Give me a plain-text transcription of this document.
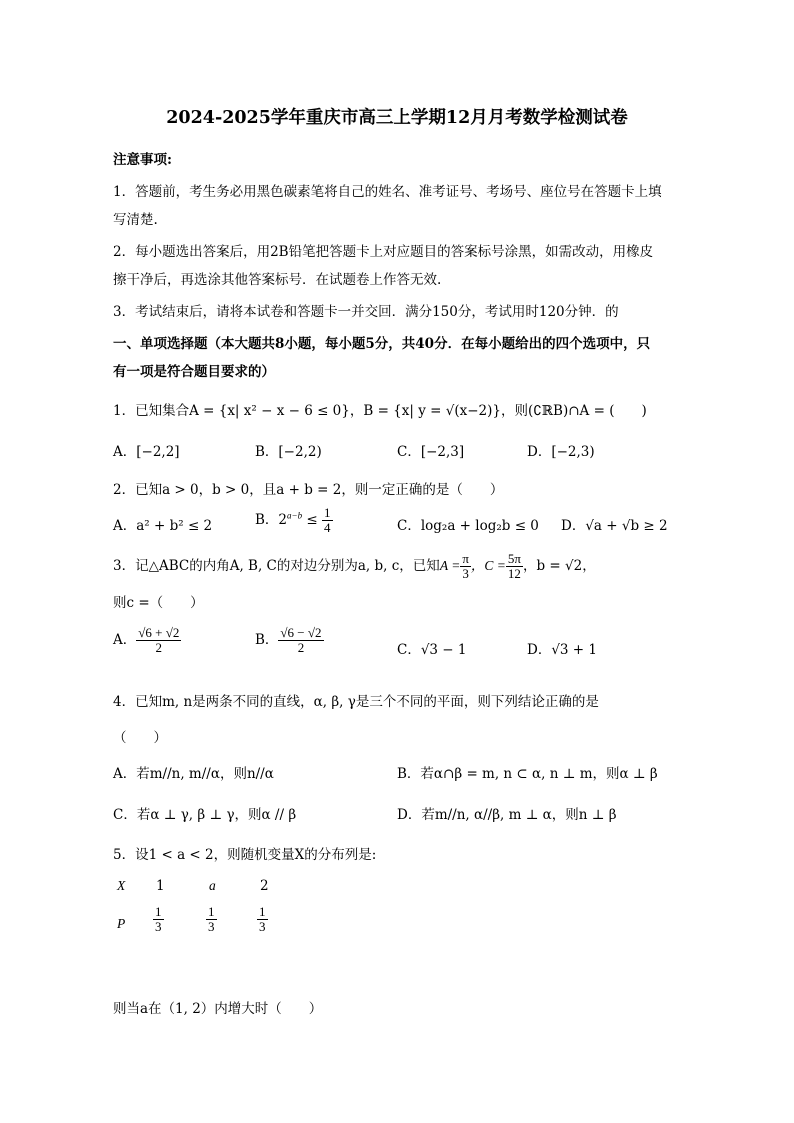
2024-2025学年重庆市高三上学期12月月考数学检测试卷
注意事项:
1．答题前，考生务必用黑色碳素笔将自己的姓名、准考证号、考场号、座位号在答题卡上填
写清楚.
2．每小题选出答案后，用2B铅笔把答题卡上对应题目的答案标号涂黑，如需改动，用橡皮
擦干净后，再选涂其他答案标号．在试题卷上作答无效.
3．考试结束后，请将本试卷和答题卡一并交回．满分150分，考试用时120分钟．的
一、单项选择题（本大题共8小题，每小题5分，共40分．在每小题给出的四个选项中，只
有一项是符合题目要求的）
1．已知集合A = {x| x² − x − 6 ≤ 0}，B = {x| y = √(x−2)}，则(∁ℝB)∩A = (　　)
A．[−2,2]	B．[−2,2)	C．[−2,3]	D．[−2,3)
2．已知a > 0，b > 0，且a + b = 2，则一定正确的是（　　）
A．a² + b² ≤ 2	B．$2^{a-b} \le \frac{1}{4}$	C．log₂a + log₂b ≤ 0 D．√a + √b ≥ 2
3．记△ABC的内角A, B, C的对边分别为a, b, c，已知$A = \frac{\pi}{3}$ ，$C = \frac{5\pi}{12}$ ，b = √2，
则c =（　　）
A． $\frac{√6 + √2}{2}$	B． $\frac{√6 - √2}{2}$	C．√3 − 1	D．√3 + 1
4．已知m, n是两条不同的直线，α, β, γ是三个不同的平面，则下列结论正确的是
（　　）
A．若m//n, m//α，则n//α	B．若α∩β = m, n ⊂ α, n ⊥ m，则α ⊥ β
C．若α ⊥ γ, β ⊥ γ，则α // β	D．若m//n, α//β, m ⊥ α，则n ⊥ β
5．设1 < a < 2，则随机变量X的分布列是:
X 1	a	2
P $\frac{1}{3}$	$\frac{1}{3}$	$\frac{1}{3}$
则当a在（1, 2）内增大时（　　）
